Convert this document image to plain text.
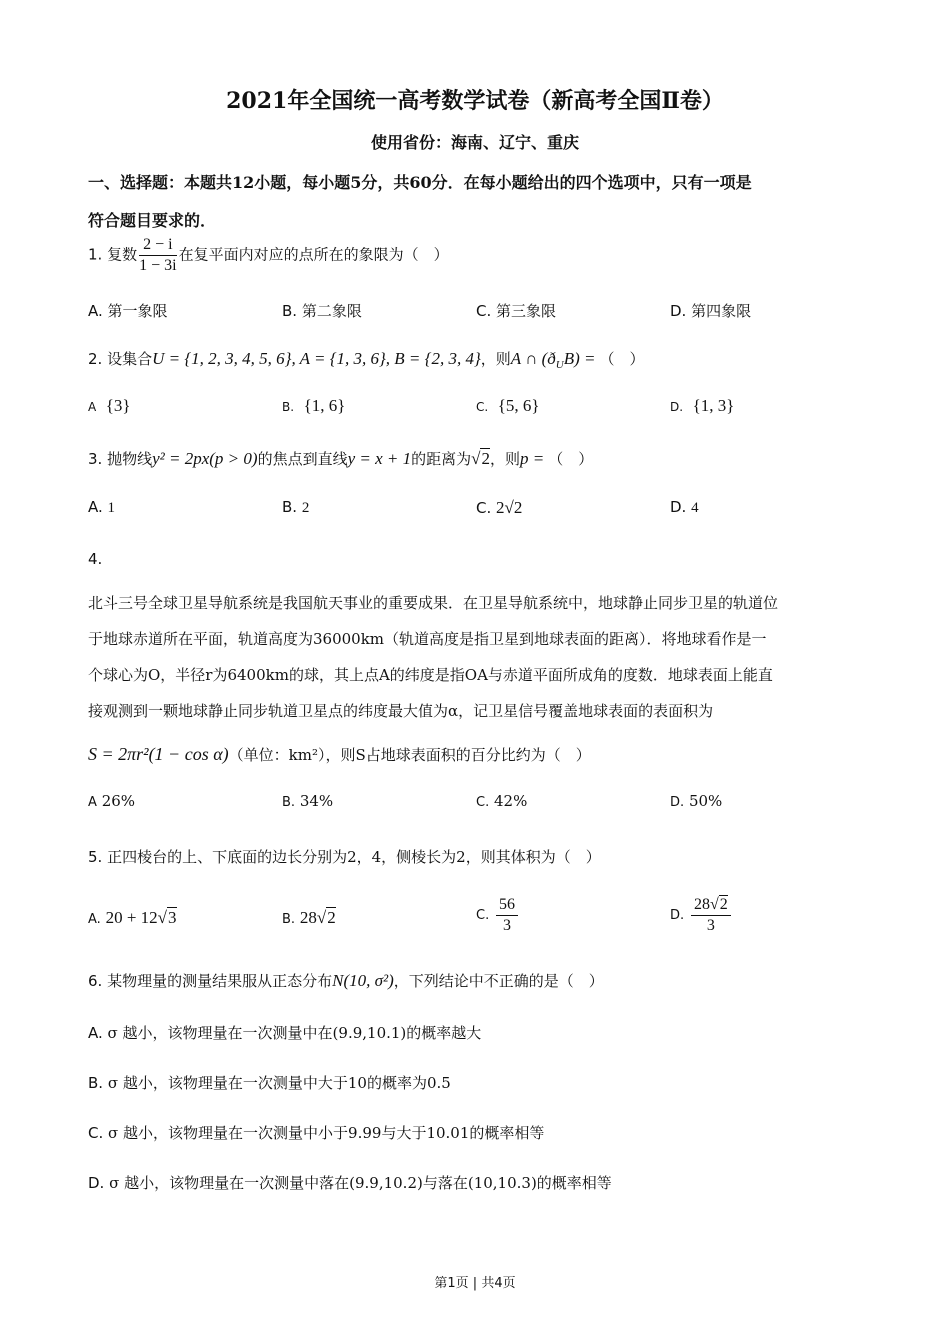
2021年全国统一高考数学试卷（新高考全国Ⅱ卷）
使用省份：海南、辽宁、重庆
一、选择题：本题共12小题，每小题5分，共60分．在每小题给出的四个选项中，只有一项是
符合题目要求的．
1. 复数 $\frac{2 - i}{1 - 3i}$ 在复平面内对应的点所在的象限为（　）
A. 第一象限	B. 第二象限	C. 第三象限	D. 第四象限
2. 设集合U = {1, 2, 3, 4, 5, 6}, A = {1, 3, 6}, B = {2, 3, 4}，则A ∩ $(ð_UB)$ = （　）
A {3}	B. {1, 6}	C. {5, 6}	D. {1, 3}
3. 抛物线y² = 2px(p > 0)的焦点到直线y = x + 1的距离为√2，则p = （　）
A. 1	B. 2	C. 2√2	D. 4
4.
北斗三号全球卫星导航系统是我国航天事业的重要成果．在卫星导航系统中，地球静止同步卫星的轨道位
于地球赤道所在平面，轨道高度为36000km（轨道高度是指卫星到地球表面的距离）．将地球看作是一
个球心为O，半径r为6400km的球，其上点A的纬度是指OA与赤道平面所成角的度数．地球表面上能直
接观测到一颗地球静止同步轨道卫星点的纬度最大值为α，记卫星信号覆盖地球表面的表面积为
S = 2πr²(1 − cos α)（单位：km²），则S占地球表面积的百分比约为（　）
A 26%	B. 34%	C. 42%	D. 50%
5. 正四棱台的上、下底面的边长分别为2，4，侧棱长为2，则其体积为（　）
A. 20 + 12√3	B. 28√2	C. $\frac{56}{3}$	D. $\frac{28√2}{3}$
6. 某物理量的测量结果服从正态分布N(10, σ²)，下列结论中不正确的是（　）
A. σ 越小，该物理量在一次测量中在(9.9,10.1)的概率越大
B. σ 越小，该物理量在一次测量中大于10的概率为0.5
C. σ 越小，该物理量在一次测量中小于9.99与大于10.01的概率相等
D. σ 越小，该物理量在一次测量中落在(9.9,10.2)与落在(10,10.3)的概率相等
第1页 | 共4页
